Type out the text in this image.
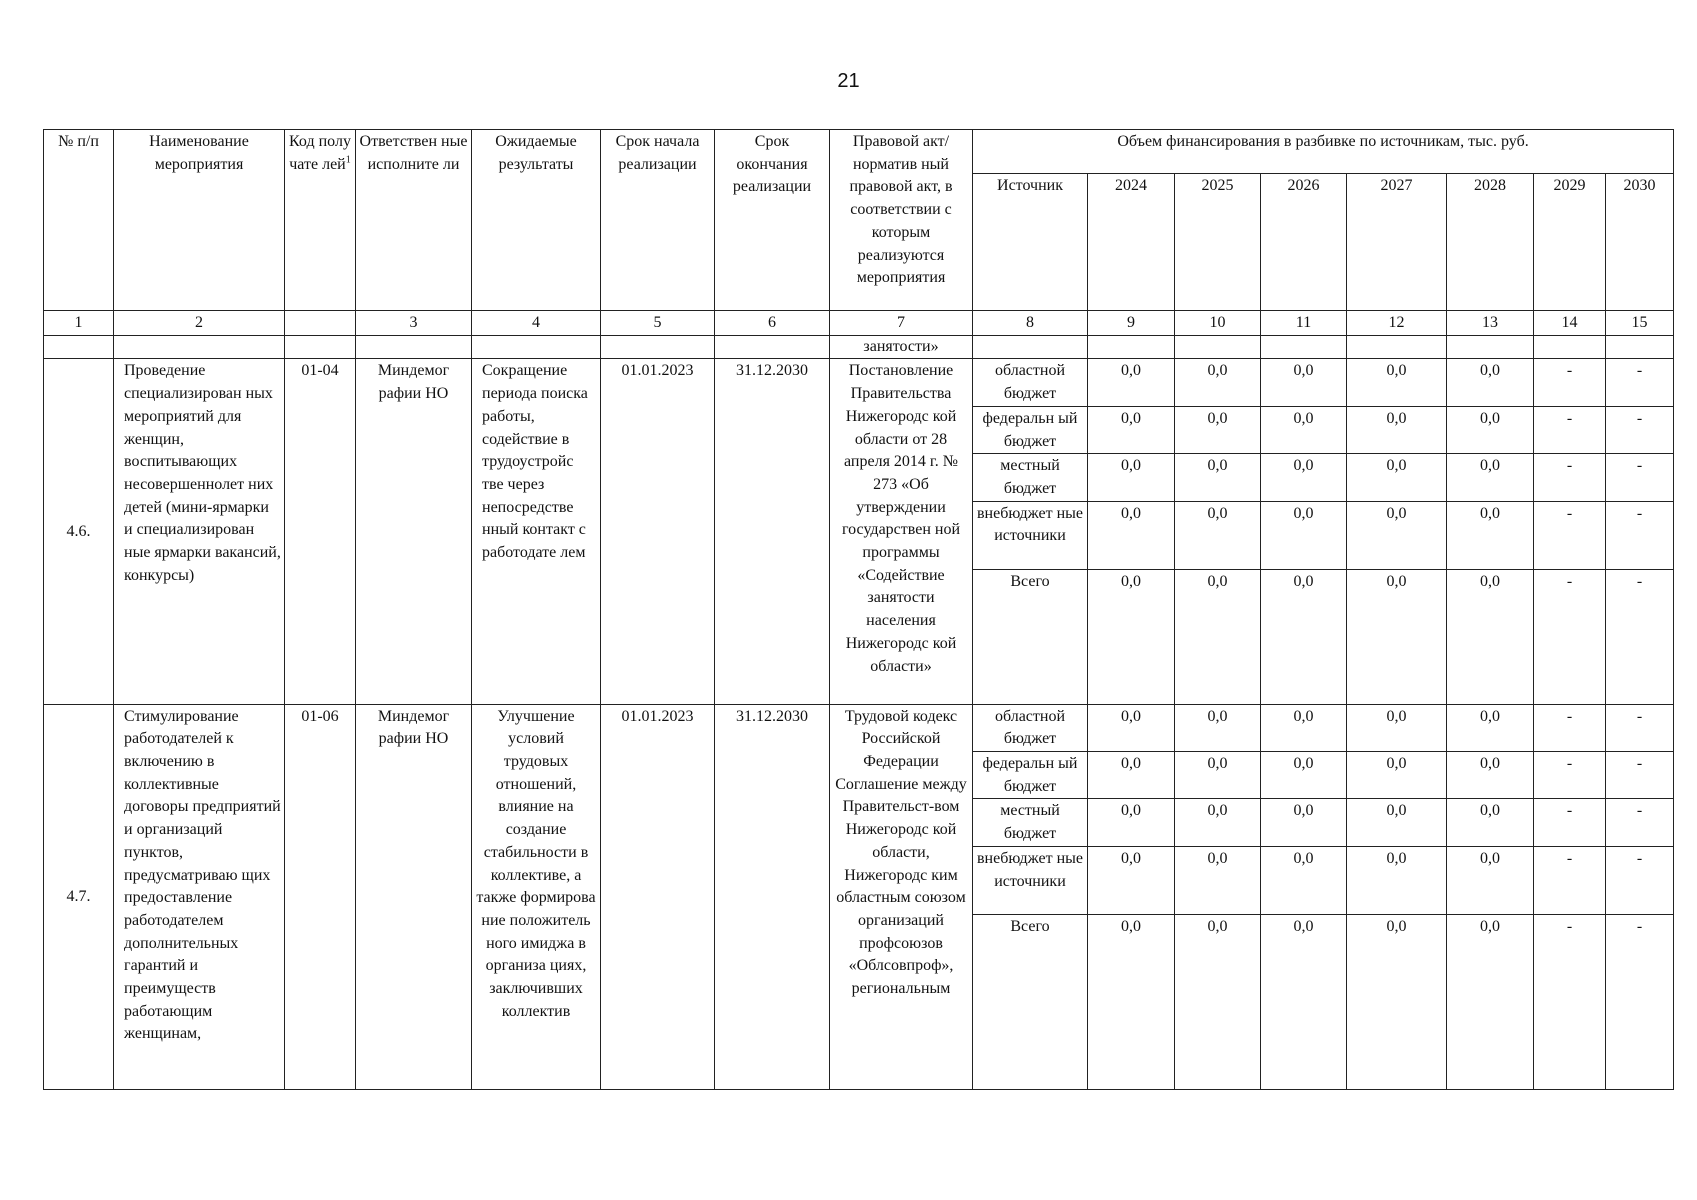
21
№ п/п	Наименование мероприятия	Код полу чате лей$^1$	Ответствен ные исполните ли	Ожидаемые результаты	Срок начала реализации	Срок окончания реализации	Правовой акт/норматив ный правовой акт, в соответствии с которым реализуются мероприятия	Объем финансирования в разбивке по источникам, тыс. руб.							
								Источник	2024	2025	2026	2027	2028	2029	2030
1	2		3	4	5	6	7	8	9	10	11	12	13	14	15
							занятости»								
4.6.	Проведение специализирован ных мероприятий для женщин, воспитывающих несовершеннолет них детей (мини-ярмарки и специализирован ные ярмарки вакансий, конкурсы)	01-04	Миндемог рафии НО	Сокращение периода поиска работы, содействие в трудоустройс тве через непосредстве нный контакт с работодате лем	01.01.2023	31.12.2030	Постановление Правительства Нижегородс кой области от 28 апреля 2014 г. № 273 «Об утверждении государствен ной программы «Содействие занятости населения Нижегородс кой области»	областной бюджет	0,0	0,0	0,0	0,0	0,0	-	-
								федеральн ый бюджет	0,0	0,0	0,0	0,0	0,0	-	-
								местный бюджет	0,0	0,0	0,0	0,0	0,0	-	-
								внебюджет ные источники	0,0	0,0	0,0	0,0	0,0	-	-
								Всего	0,0	0,0	0,0	0,0	0,0	-	-
4.7.	Стимулирование работодателей к включению в коллективные договоры предприятий и организаций пунктов, предусматриваю щих предоставление работодателем дополнительных гарантий и преимуществ работающим женщинам,	01-06	Миндемог рафии НО	Улучшение условий трудовых отношений, влияние на создание стабильности в коллективе, а также формирова ние положитель ного имиджа в организа циях, заключивших коллектив	01.01.2023	31.12.2030	Трудовой кодекс Российской Федерации Соглашение между Правительст-вом Нижегородс кой области, Нижегородс ким областным союзом организаций профсоюзов «Облсовпроф», региональным	областной бюджет	0,0	0,0	0,0	0,0	0,0	-	-
								федеральн ый бюджет	0,0	0,0	0,0	0,0	0,0	-	-
								местный бюджет	0,0	0,0	0,0	0,0	0,0	-	-
								внебюджет ные источники	0,0	0,0	0,0	0,0	0,0	-	-
								Всего	0,0	0,0	0,0	0,0	0,0	-	-
